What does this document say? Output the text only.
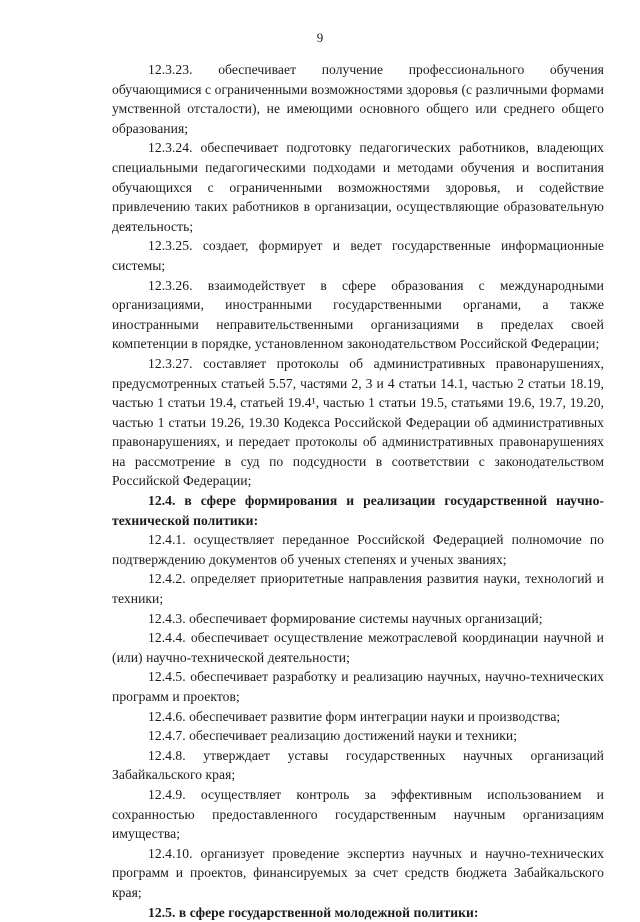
9

12.3.23. обеспечивает получение профессионального обучения обучающимися с ограниченными возможностями здоровья (с различными формами умственной отсталости), не имеющими основного общего или среднего общего образования;

12.3.24. обеспечивает подготовку педагогических работников, владеющих специальными педагогическими подходами и методами обучения и воспитания обучающихся с ограниченными возможностями здоровья, и содействие привлечению таких работников в организации, осуществляющие образовательную деятельность;

12.3.25. создает, формирует и ведет государственные информационные системы;

12.3.26. взаимодействует в сфере образования с международными организациями, иностранными государственными органами, а также иностранными неправительственными организациями в пределах своей компетенции в порядке, установленном законодательством Российской Федерации;

12.3.27. составляет протоколы об административных правонарушениях, предусмотренных статьей 5.57, частями 2, 3 и 4 статьи 14.1, частью 2 статьи 18.19, частью 1 статьи 19.4, статьей 19.4¹, частью 1 статьи 19.5, статьями 19.6, 19.7, 19.20, частью 1 статьи 19.26, 19.30 Кодекса Российской Федерации об административных правонарушениях, и передает протоколы об административных правонарушениях на рассмотрение в суд по подсудности в соответствии с законодательством Российской Федерации;

12.4. в сфере формирования и реализации государственной научно-технической политики:

12.4.1. осуществляет переданное Российской Федерацией полномочие по подтверждению документов об ученых степенях и ученых званиях;

12.4.2. определяет приоритетные направления развития науки, технологий и техники;

12.4.3. обеспечивает формирование системы научных организаций;

12.4.4. обеспечивает осуществление межотраслевой координации научной и (или) научно-технической деятельности;

12.4.5. обеспечивает разработку и реализацию научных, научно-технических программ и проектов;

12.4.6. обеспечивает развитие форм интеграции науки и производства;

12.4.7. обеспечивает реализацию достижений науки и техники;

12.4.8. утверждает уставы государственных научных организаций Забайкальского края;

12.4.9. осуществляет контроль за эффективным использованием и сохранностью предоставленного государственным научным организациям имущества;

12.4.10. организует проведение экспертиз научных и научно-технических программ и проектов, финансируемых за счет средств бюджета Забайкальского края;

12.5. в сфере государственной молодежной политики:
